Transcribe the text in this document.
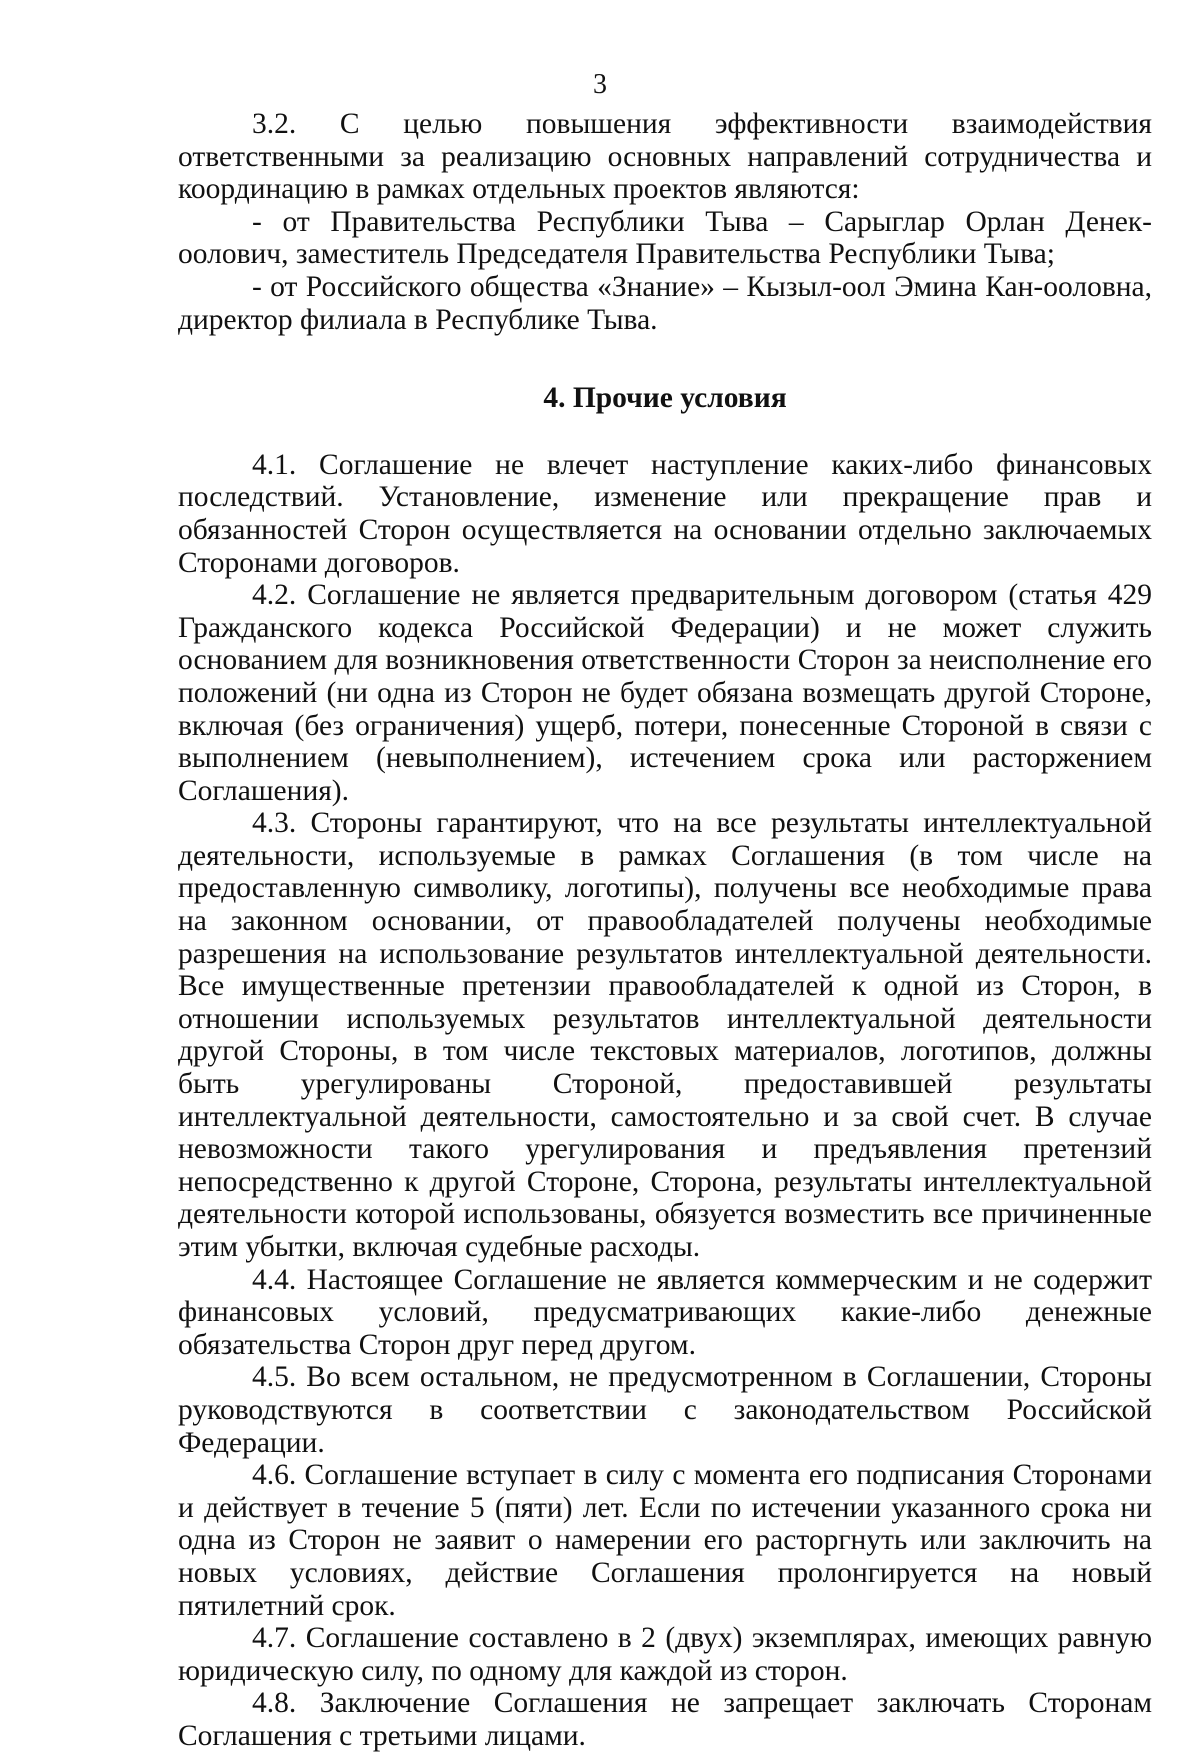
3

3.2. С целью повышения эффективности взаимодействия ответственными за реализацию основных направлений сотрудничества и координацию в рамках отдельных проектов являются:

- от Правительства Республики Тыва – Сарыглар Орлан Денек-оолович, заместитель Председателя Правительства Республики Тыва;

- от Российского общества «Знание» – Кызыл-оол Эмина Кан-ооловна, директор филиала в Республике Тыва.

4. Прочие условия

4.1. Соглашение не влечет наступление каких-либо финансовых последствий. Установление, изменение или прекращение прав и обязанностей Сторон осуществляется на основании отдельно заключаемых Сторонами договоров.

4.2. Соглашение не является предварительным договором (статья 429 Гражданского кодекса Российской Федерации) и не может служить основанием для возникновения ответственности Сторон за неисполнение его положений (ни одна из Сторон не будет обязана возмещать другой Стороне, включая (без ограничения) ущерб, потери, понесенные Стороной в связи с выполнением (невыполнением), истечением срока или расторжением Соглашения).

4.3. Стороны гарантируют, что на все результаты интеллектуальной деятельности, используемые в рамках Соглашения (в том числе на предоставленную символику, логотипы), получены все необходимые права на законном основании, от правообладателей получены необходимые разрешения на использование результатов интеллектуальной деятельности. Все имущественные претензии правообладателей к одной из Сторон, в отношении используемых результатов интеллектуальной деятельности другой Стороны, в том числе текстовых материалов, логотипов, должны быть урегулированы Стороной, предоставившей результаты интеллектуальной деятельности, самостоятельно и за свой счет. В случае невозможности такого урегулирования и предъявления претензий непосредственно к другой Стороне, Сторона, результаты интеллектуальной деятельности которой использованы, обязуется возместить все причиненные этим убытки, включая судебные расходы.

4.4. Настоящее Соглашение не является коммерческим и не содержит финансовых условий, предусматривающих какие-либо денежные обязательства Сторон друг перед другом.

4.5. Во всем остальном, не предусмотренном в Соглашении, Стороны руководствуются в соответствии с законодательством Российской Федерации.

4.6. Соглашение вступает в силу с момента его подписания Сторонами и действует в течение 5 (пяти) лет. Если по истечении указанного срока ни одна из Сторон не заявит о намерении его расторгнуть или заключить на новых условиях, действие Соглашения пролонгируется на новый пятилетний срок.

4.7. Соглашение составлено в 2 (двух) экземплярах, имеющих равную юридическую силу, по одному для каждой из сторон.

4.8. Заключение Соглашения не запрещает заключать Сторонам Соглашения с третьими лицами.
